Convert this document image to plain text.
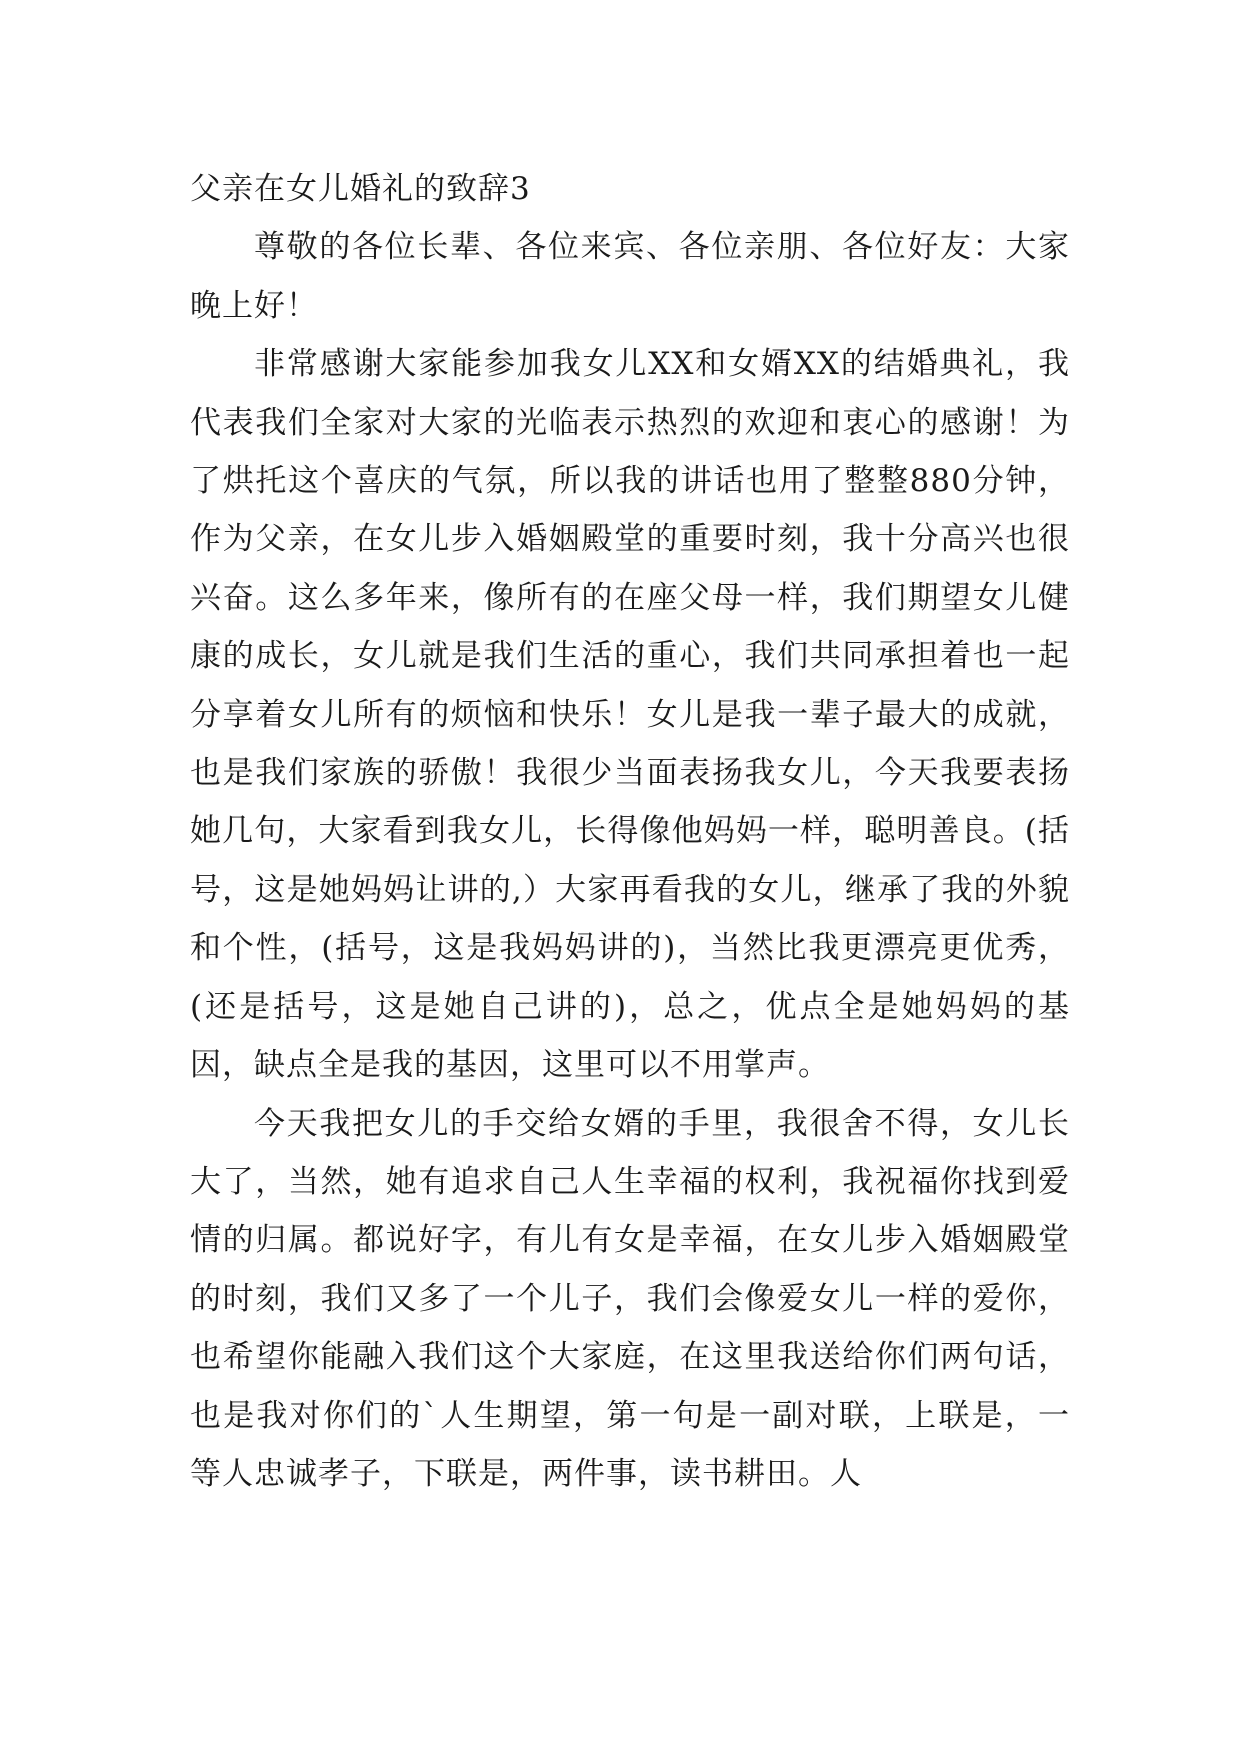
父亲在女儿婚礼的致辞3

尊敬的各位长辈、各位来宾、各位亲朋、各位好友：大家晚上好！

非常感谢大家能参加我女儿XX和女婿XX的结婚典礼，我代表我们全家对大家的光临表示热烈的欢迎和衷心的感谢！为了烘托这个喜庆的气氛，所以我的讲话也用了整整880分钟，作为父亲，在女儿步入婚姻殿堂的重要时刻，我十分高兴也很兴奋。这么多年来，像所有的在座父母一样，我们期望女儿健康的成长，女儿就是我们生活的重心，我们共同承担着也一起分享着女儿所有的烦恼和快乐！女儿是我一辈子最大的成就，也是我们家族的骄傲！我很少当面表扬我女儿，今天我要表扬她几句，大家看到我女儿，长得像他妈妈一样，聪明善良。(括号，这是她妈妈让讲的,）大家再看我的女儿，继承了我的外貌和个性，(括号，这是我妈妈讲的)，当然比我更漂亮更优秀，(还是括号，这是她自己讲的)，总之，优点全是她妈妈的基因，缺点全是我的基因，这里可以不用掌声。

今天我把女儿的手交给女婿的手里，我很舍不得，女儿长大了，当然，她有追求自己人生幸福的权利，我祝福你找到爱情的归属。都说好字，有儿有女是幸福，在女儿步入婚姻殿堂的时刻，我们又多了一个儿子，我们会像爱女儿一样的爱你，也希望你能融入我们这个大家庭，在这里我送给你们两句话，也是我对你们的`人生期望，第一句是一副对联，上联是，一等人忠诚孝子，下联是，两件事，读书耕田。人
